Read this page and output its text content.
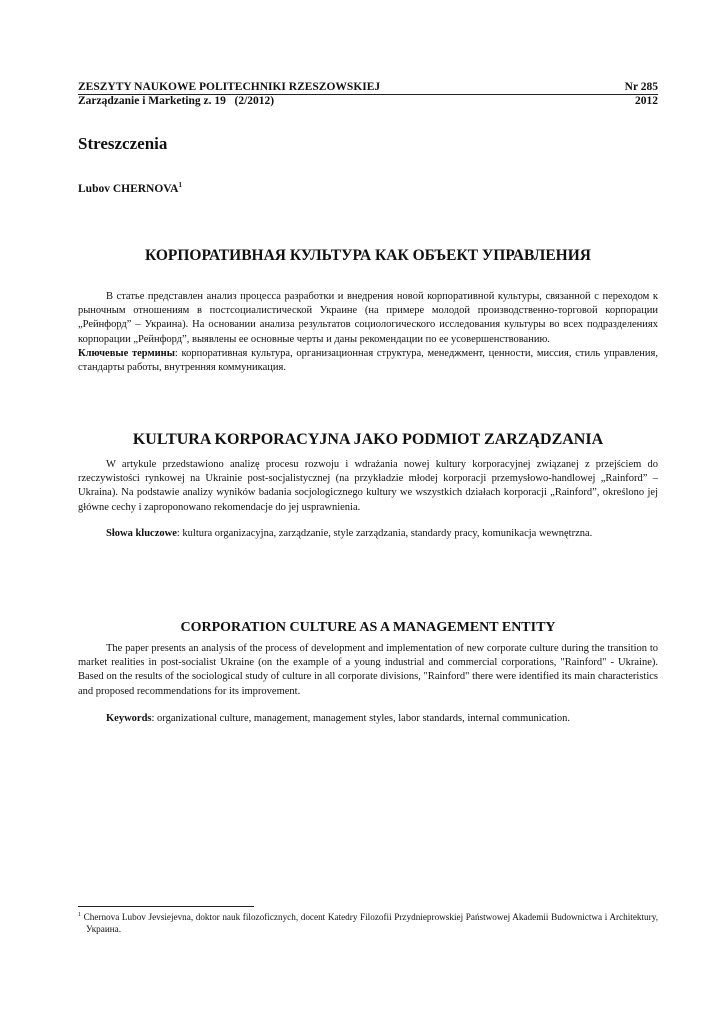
ZESZYTY NAUKOWE POLITECHNIKI RZESZOWSKIEJ	Nr 285
Zarządzanie i Marketing z. 19   (2/2012)	2012
Streszczenia
Lubov CHERNOVA$^1$
КОРПОРАТИВНАЯ КУЛЬТУРА КАК ОБЪЕКТ УПРАВЛЕНИЯ

В статье представлен анализ процесса разработки и внедрения новой корпоративной культуры, связанной с переходом к рыночным отношениям в постсоциалистической Украине (на примере молодой производственно-торговой корпорации „Рейнфорд” – Украина). На основании анализа результатов социологического исследования культуры во всех подразделениях корпорации „Рейнфорд”, выявлены ее основные черты и даны рекомендации по ее усовершенствованию.

Ключевые термины: корпоративная культура, организационная структура, менеджмент, ценности, миссия, стиль управления, стандарты работы, внутренняя коммуникация.

KULTURA KORPORACYJNA JAKO PODMIOT ZARZĄDZANIA

W artykule przedstawiono analizę procesu rozwoju i wdrażania nowej kultury korporacyjnej związanej z przejściem do rzeczywistości rynkowej na Ukrainie post-socjalistycznej (na przykładzie młodej korporacji przemysłowo-handlowej „Rainford” – Ukraina). Na podstawie analizy wyników badania socjologicznego kultury we wszystkich działach korporacji „Rainford”, określono jej główne cechy i zaproponowano rekomendacje do jej usprawnienia.

Słowa kluczowe: kultura organizacyjna, zarządzanie, style zarządzania, standardy pracy, komunikacja wewnętrzna.

CORPORATION CULTURE AS A MANAGEMENT ENTITY

The paper presents an analysis of the process of development and implementation of new corporate culture during the transition to market realities in post-socialist Ukraine (on the example of a young industrial and commercial corporations, "Rainford" - Ukraine). Based on the results of the sociological study of culture in all corporate divisions, "Rainford" there were identified its main characteristics and proposed recommendations for its improvement.

Keywords: organizational culture, management, management styles, labor standards, internal communication.

$^1$ Chernova Lubov Jevsiejevna, doktor nauk filozoficznych, docent Katedry Filozofii Przydnieprowskiej Państwowej Akademii Budownictwa i Architektury, Украина.
